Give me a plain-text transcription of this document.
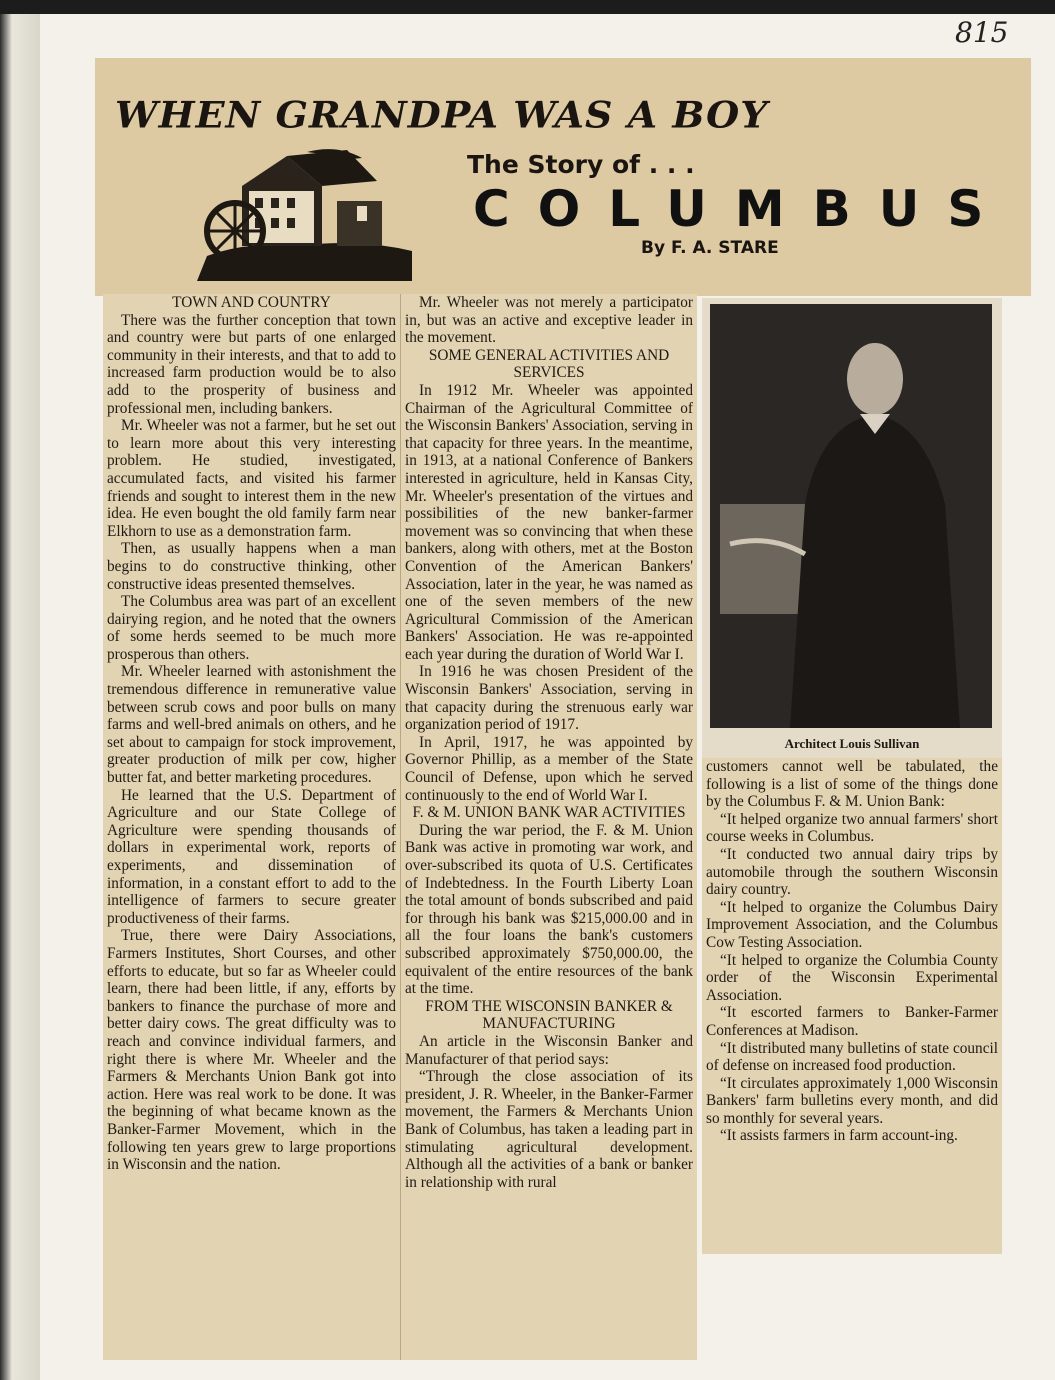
815
WHEN GRANDPA WAS A BOY
The Story of . . .
COLUMBUS
By F. A. STARE

TOWN AND COUNTRY

There was the further conception that town and country were but parts of one enlarged community in their interests, and that to add to increased farm production would be to also add to the prosperity of business and professional men, including bankers.

Mr. Wheeler was not a farmer, but he set out to learn more about this very interesting problem. He studied, investigated, accumulated facts, and visited his farmer friends and sought to interest them in the new idea. He even bought the old family farm near Elkhorn to use as a demonstration farm.

Then, as usually happens when a man begins to do constructive thinking, other constructive ideas presented themselves.

The Columbus area was part of an excellent dairying region, and he noted that the owners of some herds seemed to be much more prosperous than others.

Mr. Wheeler learned with astonishment the tremendous difference in remunerative value between scrub cows and poor bulls on many farms and well-bred animals on others, and he set about to campaign for stock improvement, greater production of milk per cow, higher butter fat, and better marketing procedures.

He learned that the U.S. Department of Agriculture and our State College of Agriculture were spending thousands of dollars in experimental work, reports of experiments, and dissemination of information, in a constant effort to add to the intelligence of farmers to secure greater productiveness of their farms.

True, there were Dairy Associations, Farmers Institutes, Short Courses, and other efforts to educate, but so far as Wheeler could learn, there had been little, if any, efforts by bankers to finance the purchase of more and better dairy cows. The great difficulty was to reach and convince individual farmers, and right there is where Mr. Wheeler and the Farmers & Merchants Union Bank got into action. Here was real work to be done. It was the beginning of what became known as the Banker-Farmer Movement, which in the following ten years grew to large proportions in Wisconsin and the nation.

Mr. Wheeler was not merely a participator in, but was an active and exceptive leader in the movement.

SOME GENERAL ACTIVITIES AND SERVICES

In 1912 Mr. Wheeler was appointed Chairman of the Agricultural Committee of the Wisconsin Bankers' Association, serving in that capacity for three years. In the meantime, in 1913, at a national Conference of Bankers interested in agriculture, held in Kansas City, Mr. Wheeler's presentation of the virtues and possibilities of the new banker-farmer movement was so convincing that when these bankers, along with others, met at the Boston Convention of the American Bankers' Association, later in the year, he was named as one of the seven members of the new Agricultural Commission of the American Bankers' Association. He was re-appointed each year during the duration of World War I.

In 1916 he was chosen President of the Wisconsin Bankers' Association, serving in that capacity during the strenuous early war organization period of 1917.

In April, 1917, he was appointed by Governor Phillip, as a member of the State Council of Defense, upon which he served continuously to the end of World War I.

F. & M. UNION BANK WAR ACTIVITIES

During the war period, the F. & M. Union Bank was active in promoting war work, and over-subscribed its quota of U.S. Certificates of Indebtedness. In the Fourth Liberty Loan the total amount of bonds subscribed and paid for through his bank was $215,000.00 and in all the four loans the bank's customers subscribed approximately $750,000.00, the equivalent of the entire resources of the bank at the time.

FROM THE WISCONSIN BANKER & MANUFACTURING

An article in the Wisconsin Banker and Manufacturer of that period says:

“Through the close association of its president, J. R. Wheeler, in the Banker-Farmer movement, the Farmers & Merchants Union Bank of Columbus, has taken a leading part in stimulating agricultural development. Although all the activities of a bank or banker in relationship with rural

Architect Louis Sullivan

customers cannot well be tabulated, the following is a list of some of the things done by the Columbus F. & M. Union Bank:

“It helped organize two annual farmers' short course weeks in Columbus.

“It conducted two annual dairy trips by automobile through the southern Wisconsin dairy country.

“It helped to organize the Columbus Dairy Improvement Association, and the Columbus Cow Testing Association.

“It helped to organize the Columbia County order of the Wisconsin Experimental Association.

“It escorted farmers to Banker-Farmer Conferences at Madison.

“It distributed many bulletins of state council of defense on increased food production.

“It circulates approximately 1,000 Wisconsin Bankers' farm bulletins every month, and did so monthly for several years.

“It assists farmers in farm account-ing.
